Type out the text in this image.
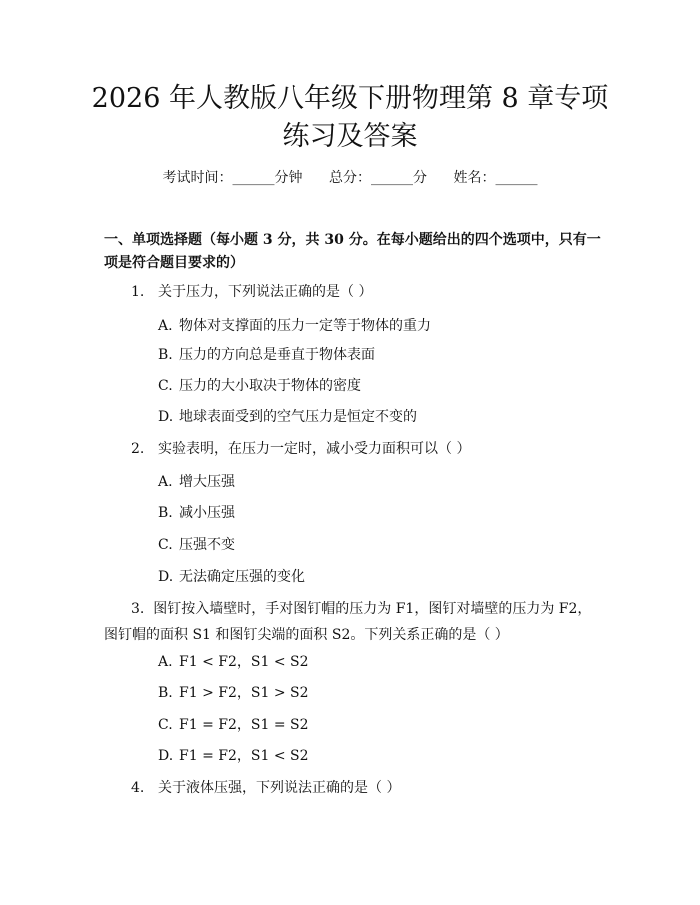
2026 年人教版八年级下册物理第 8 章专项练习及答案
考试时间：______分钟 总分：______分 姓名：______
一、单项选择题（每小题 3 分，共 30 分。在每小题给出的四个选项中，只有一项是符合题目要求的）
1. 关于压力，下列说法正确的是（ ）
A. 物体对支撑面的压力一定等于物体的重力
B. 压力的方向总是垂直于物体表面
C. 压力的大小取决于物体的密度
D. 地球表面受到的空气压力是恒定不变的
2. 实验表明，在压力一定时，减小受力面积可以（ ）
A. 增大压强
B. 减小压强
C. 压强不变
D. 无法确定压强的变化
3. 图钉按入墙壁时，手对图钉帽的压力为 F1，图钉对墙壁的压力为 F2，图钉帽的面积 S1 和图钉尖端的面积 S2。下列关系正确的是（ ）
A. F1 < F2，S1 < S2
B. F1 > F2，S1 > S2
C. F1 = F2，S1 = S2
D. F1 = F2，S1 < S2
4. 关于液体压强，下列说法正确的是（ ）
